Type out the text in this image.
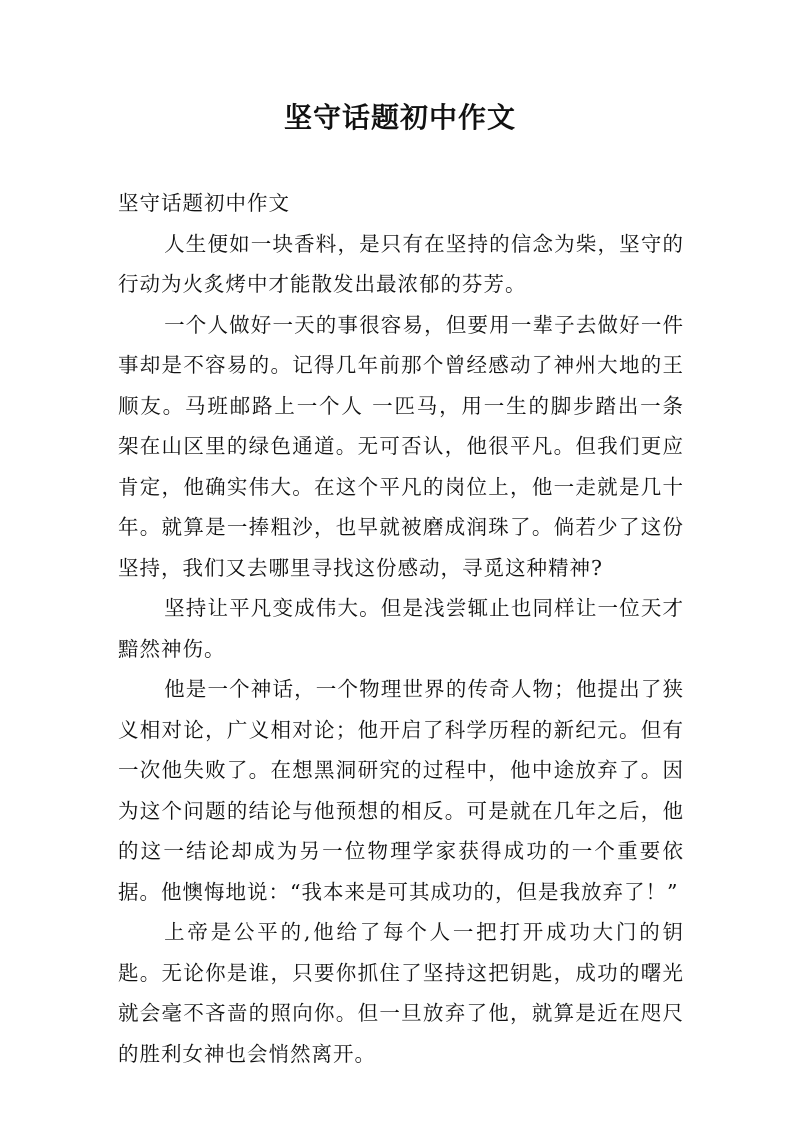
坚守话题初中作文

坚守话题初中作文

人生便如一块香料，是只有在坚持的信念为柴，坚守的行动为火炙烤中才能散发出最浓郁的芬芳。

一个人做好一天的事很容易，但要用一辈子去做好一件事却是不容易的。记得几年前那个曾经感动了神州大地的王顺友。马班邮路上一个人 一匹马，用一生的脚步踏出一条架在山区里的绿色通道。无可否认，他很平凡。但我们更应肯定，他确实伟大。在这个平凡的岗位上，他一走就是几十年。就算是一捧粗沙，也早就被磨成润珠了。倘若少了这份坚持，我们又去哪里寻找这份感动，寻觅这种精神?

坚持让平凡变成伟大。但是浅尝辄止也同样让一位天才黯然神伤。

他是一个神话，一个物理世界的传奇人物；他提出了狭义相对论，广义相对论；他开启了科学历程的新纪元。但有一次他失败了。在想黑洞研究的过程中，他中途放弃了。因为这个问题的结论与他预想的相反。可是就在几年之后，他的这一结论却成为另一位物理学家获得成功的一个重要依据。他懊悔地说：“我本来是可其成功的，但是我放弃了！”

上帝是公平的,他给了每个人一把打开成功大门的钥匙。无论你是谁，只要你抓住了坚持这把钥匙，成功的曙光就会毫不吝啬的照向你。但一旦放弃了他，就算是近在咫尺的胜利女神也会悄然离开。
